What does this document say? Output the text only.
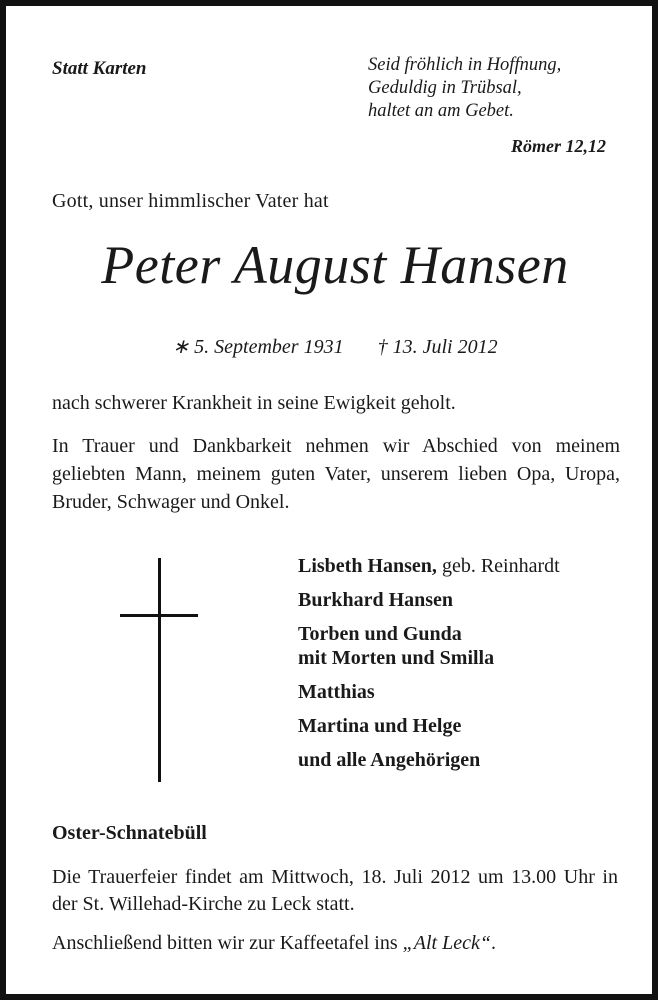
Statt Karten	Seid fröhlich in Hoffnung,
Geduldig in Trübsal,
haltet an am Gebet.
Römer 12,12
Gott, unser himmlischer Vater hat
Peter August Hansen
∗ 5. September 1931 † 13. Juli 2012
nach schwerer Krankheit in seine Ewigkeit geholt.
In Trauer und Dankbarkeit nehmen wir Abschied von meinem geliebten Mann, meinem guten Vater, unserem lieben Opa, Uropa, Bruder, Schwager und Onkel.
Lisbeth Hansen, geb. Reinhardt
Burkhard Hansen
Torben und Gunda
mit Morten und Smilla
Matthias
Martina und Helge
und alle Angehörigen
Oster-Schnatebüll
Die Trauerfeier findet am Mittwoch, 18. Juli 2012 um 13.00 Uhr in der St. Willehad-Kirche zu Leck statt.
Anschließend bitten wir zur Kaffeetafel ins „Alt Leck“.
